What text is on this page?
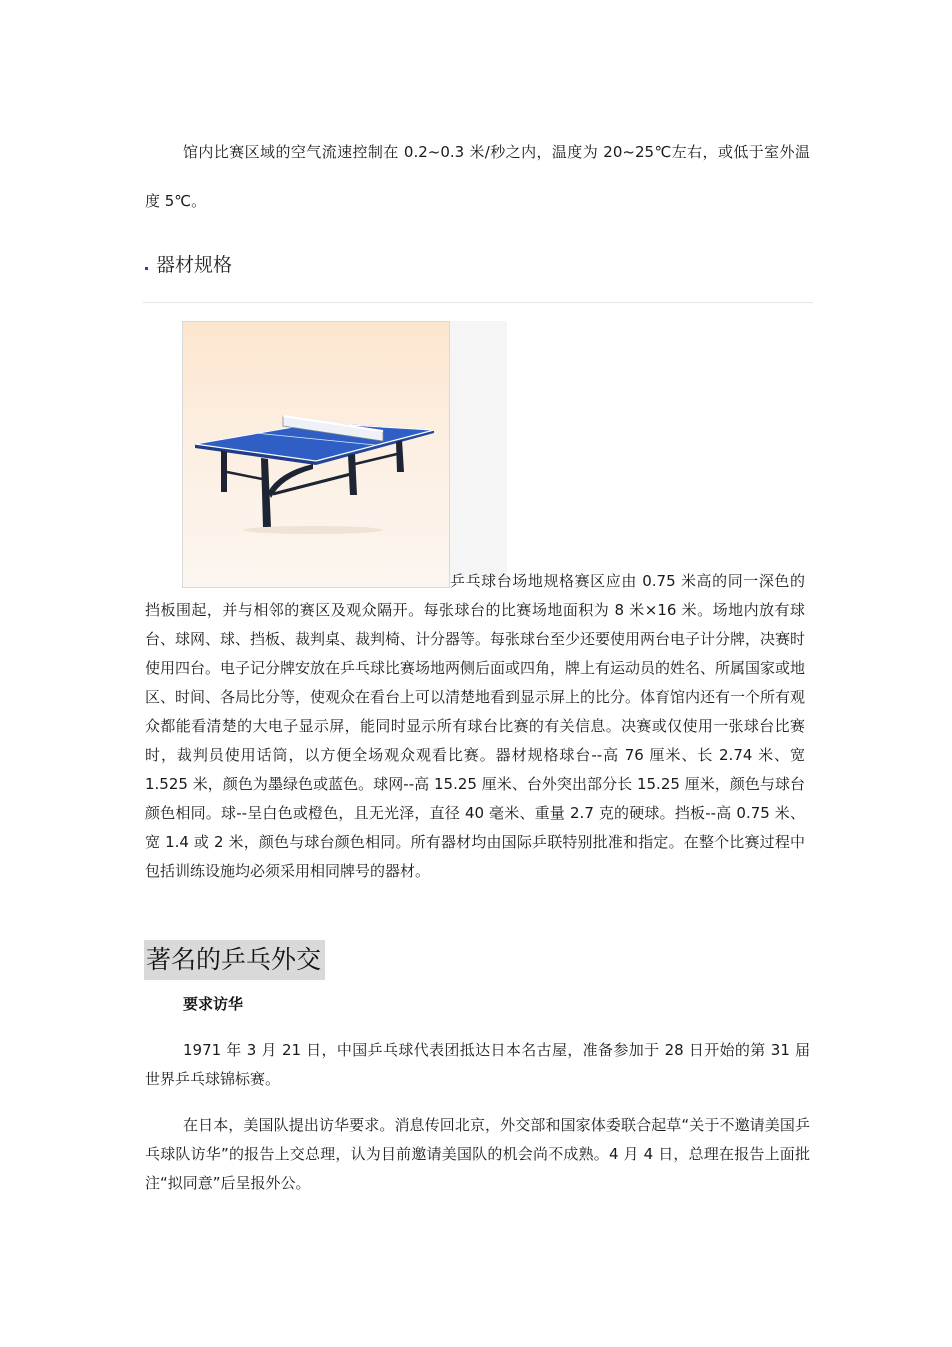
馆内比赛区域的空气流速控制在 0.2~0.3 米/秒之内，温度为 20~25℃左右，或低于室外温度 5℃。

器材规格
乒乓球台场地规格赛区应由 0.75 米高的同一深色的挡板围起，并与相邻的赛区及观众隔开。每张球台的比赛场地面积为 8 米×16 米。场地内放有球台、球网、球、挡板、裁判桌、裁判椅、计分器等。每张球台至少还要使用两台电子计分牌，决赛时使用四台。电子记分牌安放在乒乓球比赛场地两侧后面或四角，牌上有运动员的姓名、所属国家或地区、时间、各局比分等，使观众在看台上可以清楚地看到显示屏上的比分。体育馆内还有一个所有观众都能看清楚的大电子显示屏，能同时显示所有球台比赛的有关信息。决赛或仅使用一张球台比赛时，裁判员使用话筒，以方便全场观众观看比赛。器材规格球台--高 76 厘米、长 2.74 米、宽 1.525 米，颜色为墨绿色或蓝色。球网--高 15.25 厘米、台外突出部分长 15.25 厘米，颜色与球台颜色相同。球--呈白色或橙色，且无光泽，直径 40 毫米、重量 2.7 克的硬球。挡板--高 0.75 米、宽 1.4 或 2 米，颜色与球台颜色相同。所有器材均由国际乒联特别批准和指定。在整个比赛过程中包括训练设施均必须采用相同牌号的器材。
著名的乒乓外交
要求访华

1971 年 3 月 21 日，中国乒乓球代表团抵达日本名古屋，准备参加于 28 日开始的第 31 届世界乒乓球锦标赛。

在日本，美国队提出访华要求。消息传回北京，外交部和国家体委联合起草“关于不邀请美国乒乓球队访华”的报告上交总理，认为目前邀请美国队的机会尚不成熟。4 月 4 日，总理在报告上面批注“拟同意”后呈报外公。
